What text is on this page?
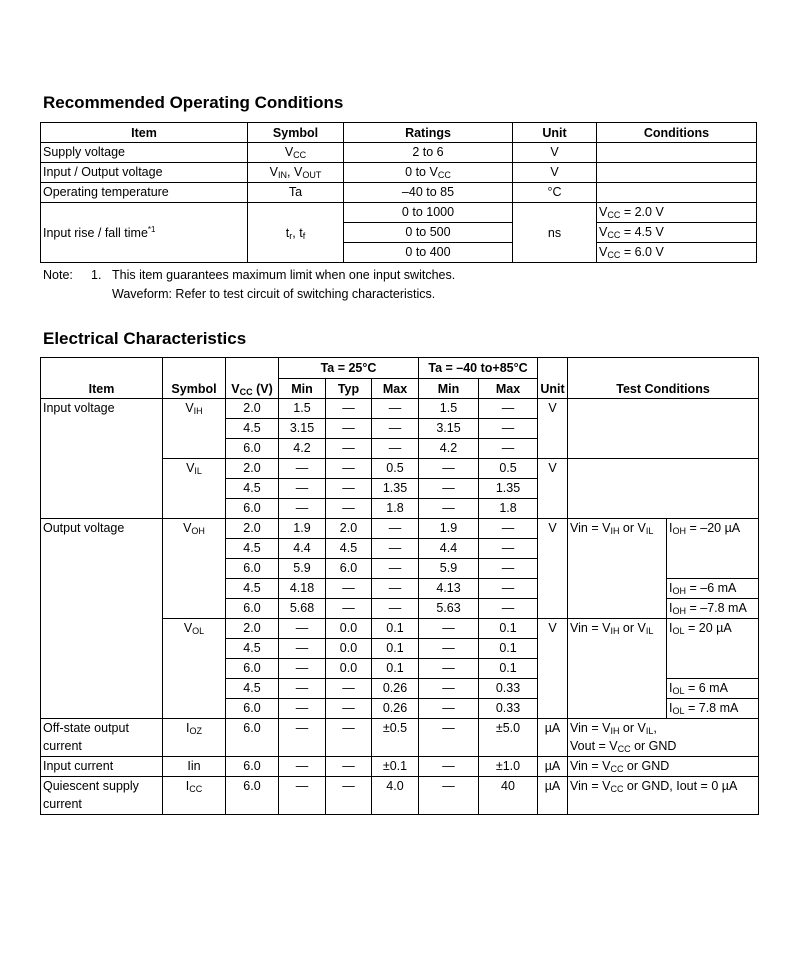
Recommended Operating Conditions
Item	Symbol	Ratings	Unit	Conditions
Supply voltage	$V_{CC}$	2 to 6	V	
Input / Output voltage	$V_{IN}$, $V_{OUT}$	0 to $V_{CC}$	V	
Operating temperature	Ta	–40 to 85	°C	
Input rise / fall time$^{*1}$	$t_r$, $t_f$	0 to 1000	ns	$V_{CC} = 2.0$ V
		0 to 500		$V_{CC} = 4.5$ V
		0 to 400		$V_{CC} = 6.0$ V
Note: 1. This item guarantees maximum limit when one input switches.
Waveform: Refer to test circuit of switching characteristics.
Electrical Characteristics
Item	Symbol	$V_{CC}$ (V)	Ta = 25°C			Ta = –40 to+85°C		Unit	Test Conditions	
			Min	Typ	Max	Min	Max			
Input voltage	$V_{IH}$	2.0	1.5	—	—	1.5	—	V		

		4.5	3.15	—	—	3.15	—			
		6.0	4.2	—	—	4.2	—			
	$V_{IL}$	2.0	—	—	0.5	—	0.5	V		

		4.5	—	—	1.35	—	1.35			
		6.0	—	—	1.8	—	1.8			
Output voltage	$V_{OH}$	2.0	1.9	2.0	—	1.9	—	V	Vin = $V_{IH}$ or $V_{IL}$	$I_{OH} = -20$ µA
		4.5	4.4	4.5	—	4.4	—			
		6.0	5.9	6.0	—	5.9	—			
		4.5	4.18	—	—	4.13	—			$I_{OH} = -6$ mA
		6.0	5.68	—	—	5.63	—			$I_{OH} = -7.8$ mA
	$V_{OL}$	2.0	—	0.0	0.1	—	0.1	V	Vin = $V_{IH}$ or $V_{IL}$	$I_{OL} = 20$ µA
		4.5	—	0.0	0.1	—	0.1			
		6.0	—	0.0	0.1	—	0.1			
		4.5	—	—	0.26	—	0.33			$I_{OL} = 6$ mA
		6.0	—	—	0.26	—	0.33			$I_{OL} = 7.8$ mA
Off-state output current	$I_{OZ}$	6.0	—	—	±0.5	—	±5.0	µA	Vin = $V_{IH}$ or $V_{IL}$,
Vout = $V_{CC}$ or GND	

Input current	Iin	6.0	—	—	±0.1	—	±1.0	µA	Vin = $V_{CC}$ or GND	

Quiescent supply current	$I_{CC}$	6.0	—	—	4.0	—	40	µA	Vin = $V_{CC}$ or GND, Iout = 0 µA	
